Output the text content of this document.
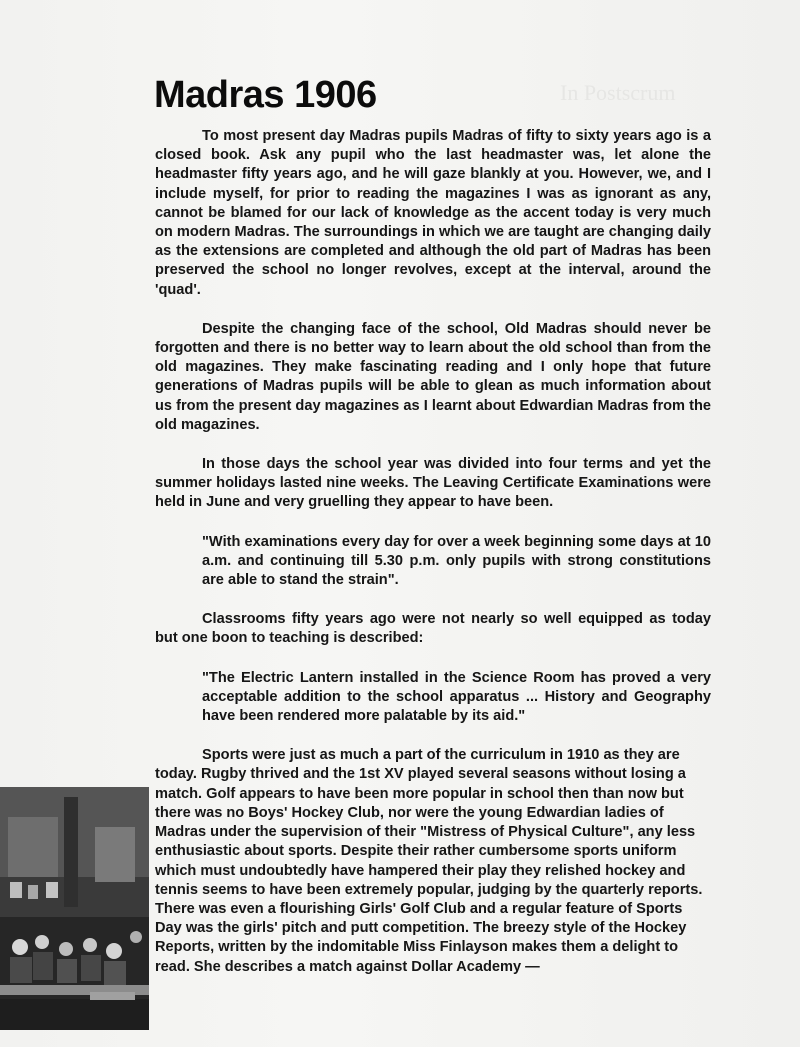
In Postscrum
Madras 1906

To most present day Madras pupils Madras of fifty to sixty years ago is a closed book. Ask any pupil who the last headmaster was, let alone the headmaster fifty years ago, and he will gaze blankly at you. However, we, and I include myself, for prior to reading the magazines I was as ignorant as any, cannot be blamed for our lack of knowledge as the accent today is very much on modern Madras. The surroundings in which we are taught are changing daily as the extensions are completed and although the old part of Madras has been preserved the school no longer revolves, except at the interval, around the 'quad'.

Despite the changing face of the school, Old Madras should never be forgotten and there is no better way to learn about the old school than from the old magazines. They make fascinating reading and I only hope that future generations of Madras pupils will be able to glean as much information about us from the present day magazines as I learnt about Edwardian Madras from the old magazines.

In those days the school year was divided into four terms and yet the summer holidays lasted nine weeks. The Leaving Certificate Examinations were held in June and very gruelling they appear to have been.

"With examinations every day for over a week beginning some days at 10 a.m. and continuing till 5.30 p.m. only pupils with strong constitutions are able to stand the strain".

Classrooms fifty years ago were not nearly so well equipped as today but one boon to teaching is described:

"The Electric Lantern installed in the Science Room has proved a very acceptable addition to the school apparatus ... History and Geography have been rendered more palatable by its aid."

Sports were just as much a part of the curriculum in 1910 as they are today. Rugby thrived and the 1st XV played several seasons without losing a match. Golf appears to have been more popular in school then than now but there was no Boys' Hockey Club, nor were the young Edwardian ladies of Madras under the supervision of their "Mistress of Physical Culture", any less enthusiastic about sports. Despite their rather cumbersome sports uniform which must undoubtedly have hampered their play they relished hockey and tennis seems to have been extremely popular, judging by the quarterly reports. There was even a flourishing Girls' Golf Club and a regular feature of Sports Day was the girls' pitch and putt competition. The breezy style of the Hockey Reports, written by the indomitable Miss Finlayson makes them a delight to read. She describes a match against Dollar Academy —
